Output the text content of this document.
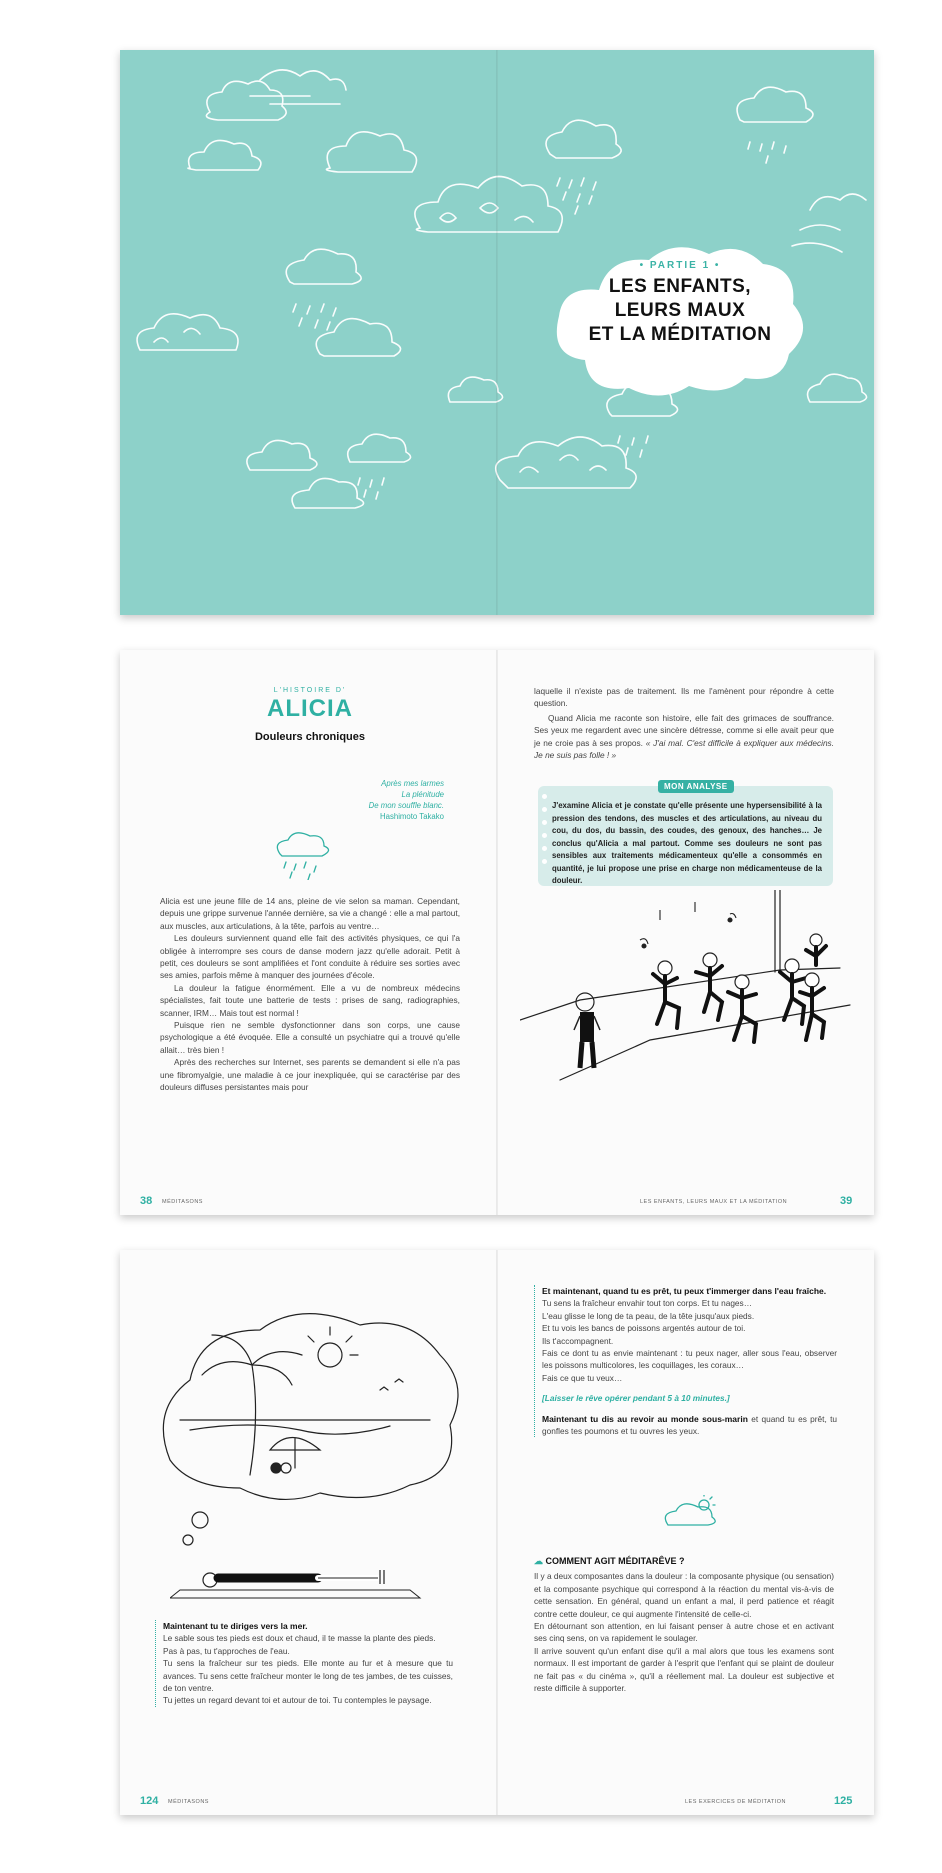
• PARTIE 1 •
LES ENFANTS,
LEURS MAUX
ET LA MÉDITATION
L'HISTOIRE D'
ALICIA
Douleurs chroniques
Après mes larmes
La plénitude
De mon souffle blanc.
Hashimoto Takako
Alicia est une jeune fille de 14 ans, pleine de vie selon sa maman. Cependant, depuis une grippe survenue l'année dernière, sa vie a changé : elle a mal partout, aux muscles, aux articulations, à la tête, parfois au ventre…
Les douleurs surviennent quand elle fait des activités physiques, ce qui l'a obligée à interrompre ses cours de danse modern jazz qu'elle adorait. Petit à petit, ces douleurs se sont amplifiées et l'ont conduite à réduire ses sorties avec ses amies, parfois même à manquer des journées d'école.
La douleur la fatigue énormément. Elle a vu de nombreux médecins spécialistes, fait toute une batterie de tests : prises de sang, radiographies, scanner, IRM… Mais tout est normal !
Puisque rien ne semble dysfonctionner dans son corps, une cause psychologique a été évoquée. Elle a consulté un psychiatre qui a trouvé qu'elle allait… très bien !
Après des recherches sur Internet, ses parents se demandent si elle n'a pas une fibromyalgie, une maladie à ce jour inexpliquée, qui se caractérise par des douleurs diffuses persistantes mais pour
38 MÉDITASONS
laquelle il n'existe pas de traitement. Ils me l'amènent pour répondre à cette question.
Quand Alicia me raconte son histoire, elle fait des grimaces de souffrance. Ses yeux me regardent avec une sincère détresse, comme si elle avait peur que je ne croie pas à ses propos. « J'ai mal. C'est difficile à expliquer aux médecins. Je ne suis pas folle ! »
MON ANALYSE
J'examine Alicia et je constate qu'elle présente une hypersensibilité à la pression des tendons, des muscles et des articulations, au niveau du cou, du dos, du bassin, des coudes, des genoux, des hanches… Je conclus qu'Alicia a mal partout. Comme ses douleurs ne sont pas sensibles aux traitements médicamenteux qu'elle a consommés en quantité, je lui propose une prise en charge non médicamenteuse de la douleur.
LES ENFANTS, LEURS MAUX ET LA MÉDITATION	39
Maintenant tu te diriges vers la mer.
Le sable sous tes pieds est doux et chaud, il te masse la plante des pieds.
Pas à pas, tu t'approches de l'eau.
Tu sens la fraîcheur sur tes pieds. Elle monte au fur et à mesure que tu avances. Tu sens cette fraîcheur monter le long de tes jambes, de tes cuisses, de ton ventre.
Tu jettes un regard devant toi et autour de toi. Tu contemples le paysage.
124 MÉDITASONS
Et maintenant, quand tu es prêt, tu peux t'immerger dans l'eau fraîche.
Tu sens la fraîcheur envahir tout ton corps. Et tu nages…
L'eau glisse le long de ta peau, de la tête jusqu'aux pieds.
Et tu vois les bancs de poissons argentés autour de toi.
Ils t'accompagnent.
Fais ce dont tu as envie maintenant : tu peux nager, aller sous l'eau, observer les poissons multicolores, les coquillages, les coraux…
Fais ce que tu veux…
[Laisser le rêve opérer pendant 5 à 10 minutes.]
Maintenant tu dis au revoir au monde sous-marin et quand tu es prêt, tu gonfles tes poumons et tu ouvres les yeux.
☁ COMMENT AGIT MÉDITARÊVE ?
Il y a deux composantes dans la douleur : la composante physique (ou sensation) et la composante psychique qui correspond à la réaction du mental vis-à-vis de cette sensation. En général, quand un enfant a mal, il perd patience et réagit contre cette douleur, ce qui augmente l'intensité de celle-ci.
En détournant son attention, en lui faisant penser à autre chose et en activant ses cinq sens, on va rapidement le soulager.
Il arrive souvent qu'un enfant dise qu'il a mal alors que tous les examens sont normaux. Il est important de garder à l'esprit que l'enfant qui se plaint de douleur ne fait pas « du cinéma », qu'il a réellement mal. La douleur est subjective et reste difficile à supporter.
LES EXERCICES DE MÉDITATION	125
